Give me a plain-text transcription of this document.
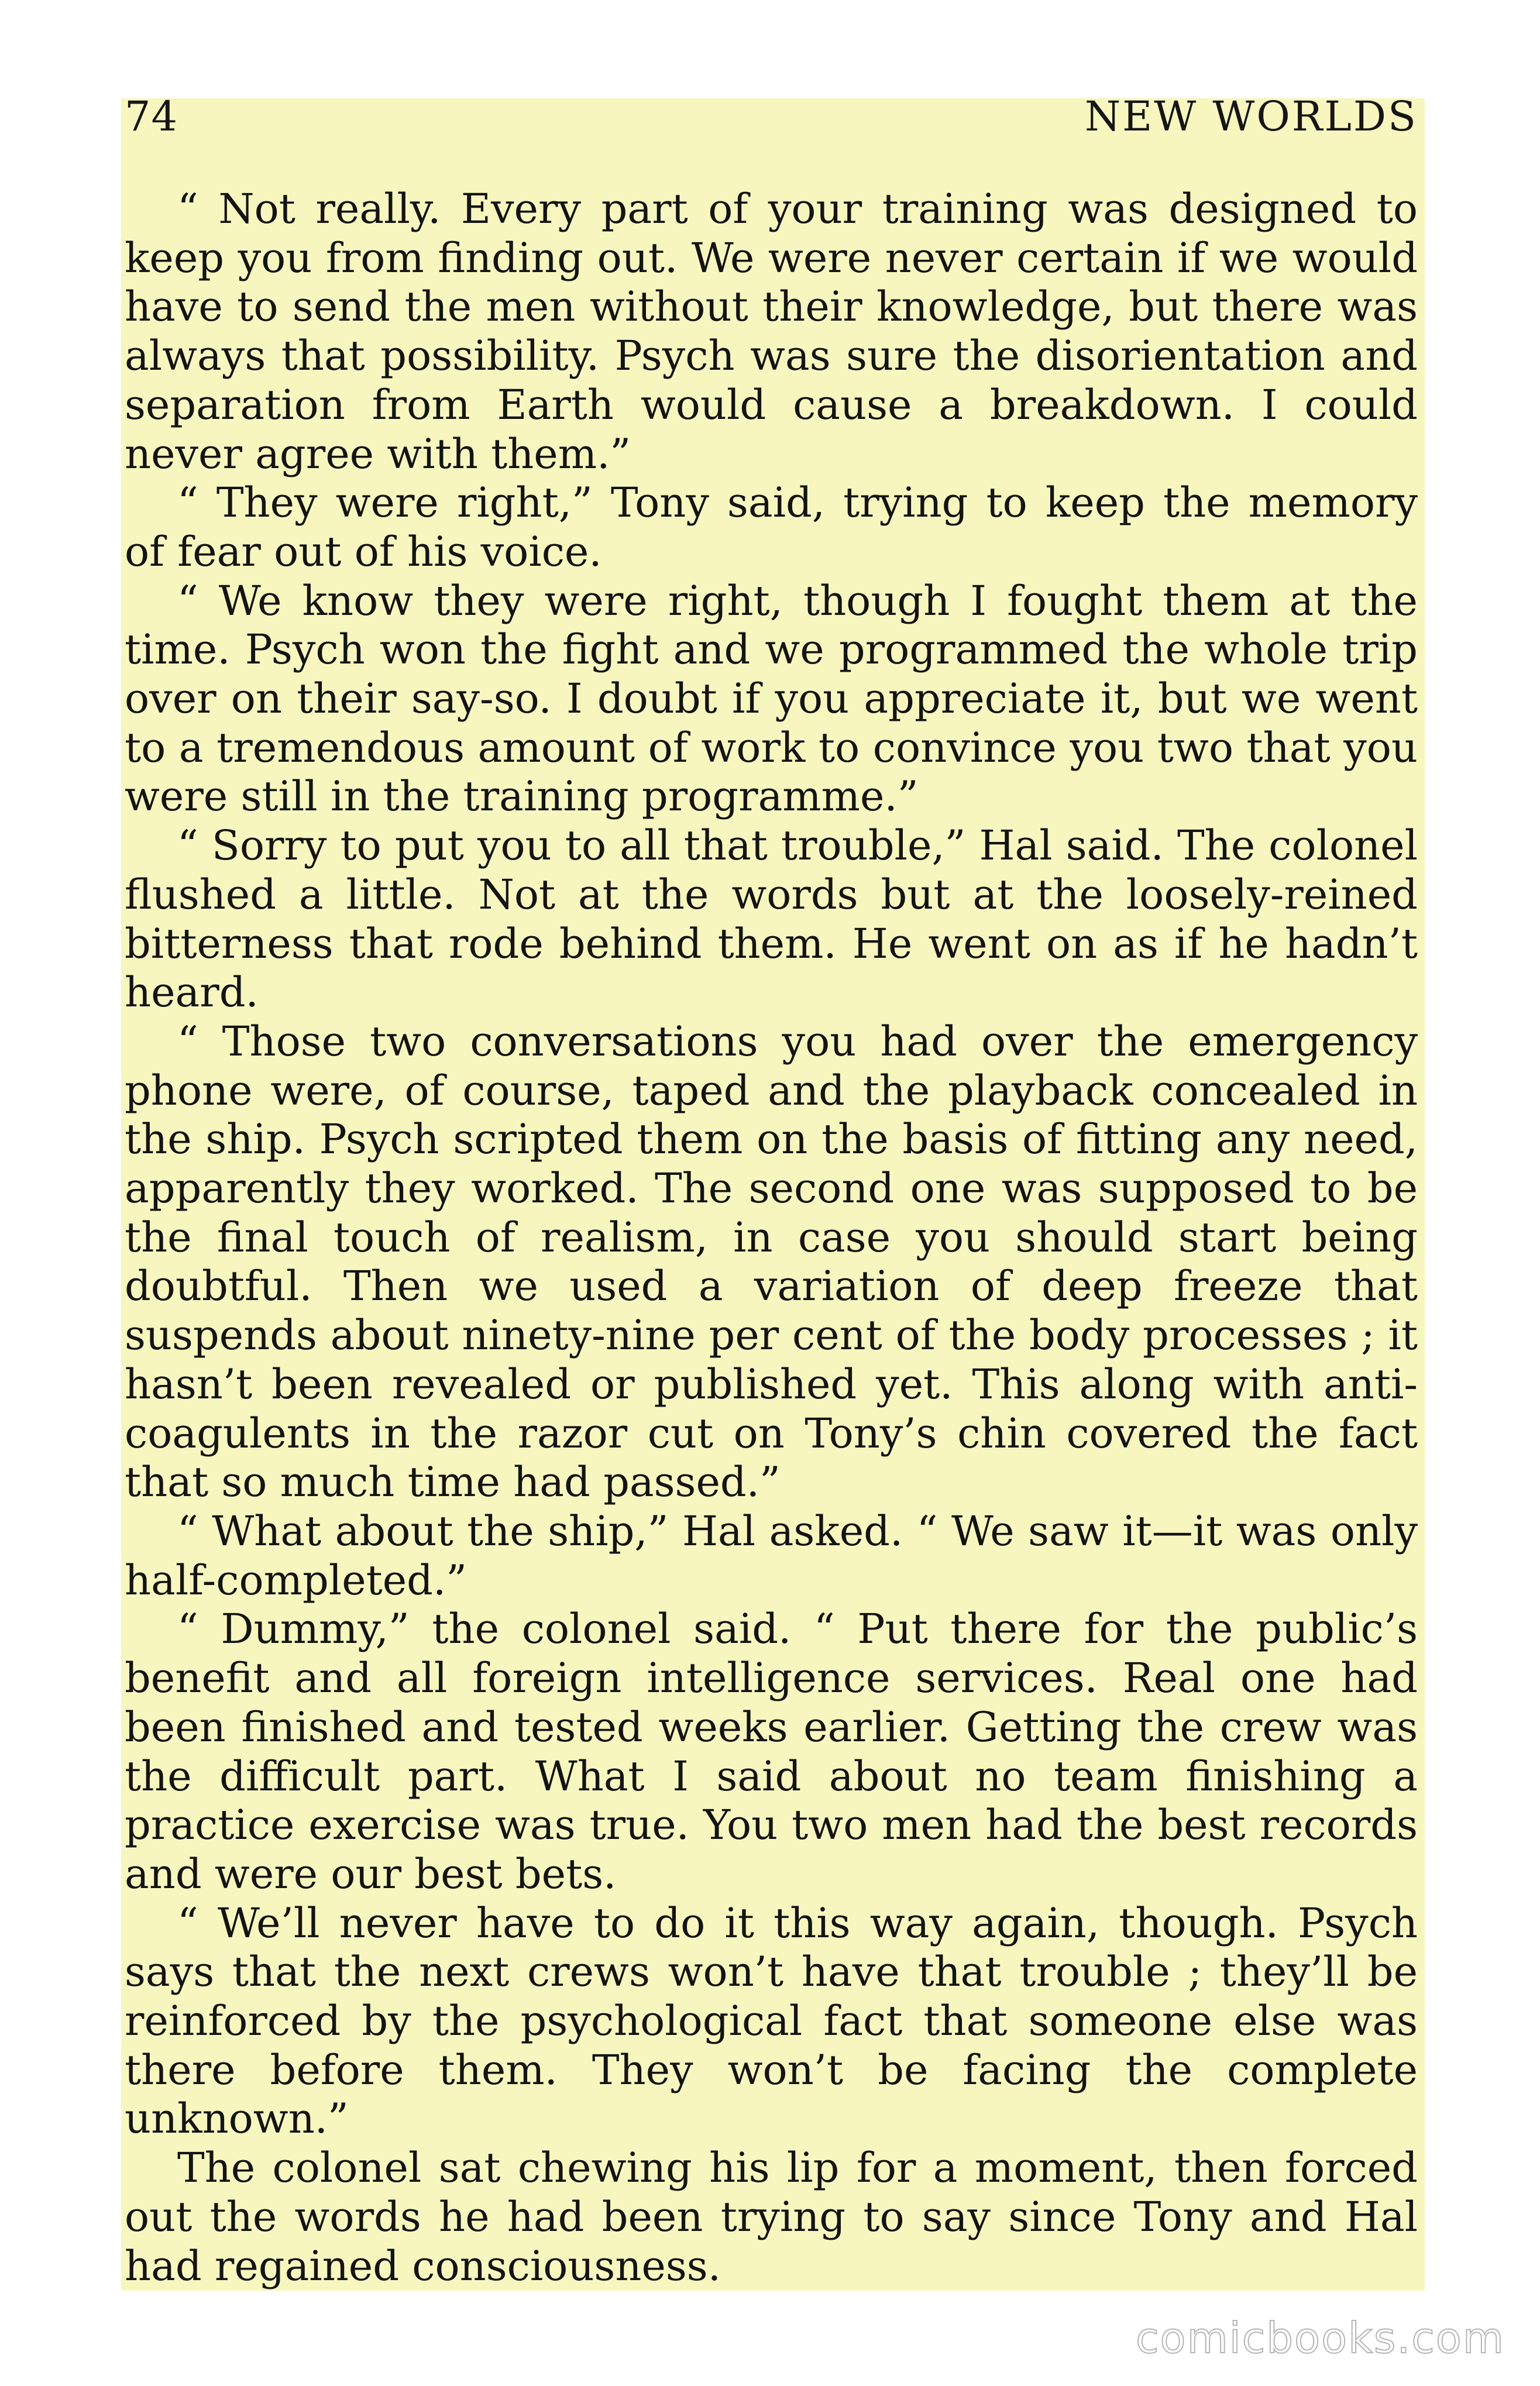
74	NEW WORLDS

“ Not really. Every part of your training was designed to keep you from finding out. We were never certain if we would have to send the men without their knowledge, but there was always that possibility. Psych was sure the disorientation and separation from Earth would cause a breakdown. I could never agree with them.”

“ They were right,” Tony said, trying to keep the memory of fear out of his voice.

“ We know they were right, though I fought them at the time. Psych won the fight and we programmed the whole trip over on their say-so. I doubt if you appreciate it, but we went to a tremendous amount of work to convince you two that you were still in the training programme.”

“ Sorry to put you to all that trouble,” Hal said. The colonel flushed a little. Not at the words but at the loosely-reined bitterness that rode behind them. He went on as if he hadn’t heard.

“ Those two conversations you had over the emergency phone were, of course, taped and the playback concealed in the ship. Psych scripted them on the basis of fitting any need, apparently they worked. The second one was supposed to be the final touch of realism, in case you should start being doubtful. Then we used a variation of deep freeze that suspends about ninety-nine per cent of the body processes ; it hasn’t been revealed or published yet. This along with anti-coagulents in the razor cut on Tony’s chin covered the fact that so much time had passed.”

“ What about the ship,” Hal asked. “ We saw it—it was only half-completed.”

“ Dummy,” the colonel said. “ Put there for the public’s benefit and all foreign intelligence services. Real one had been finished and tested weeks earlier. Getting the crew was the difficult part. What I said about no team finishing a practice exercise was true. You two men had the best records and were our best bets.

“ We’ll never have to do it this way again, though. Psych says that the next crews won’t have that trouble ; they’ll be reinforced by the psychological fact that someone else was there before them. They won’t be facing the complete unknown.”

The colonel sat chewing his lip for a moment, then forced out the words he had been trying to say since Tony and Hal had regained consciousness.

comicbooks.com
